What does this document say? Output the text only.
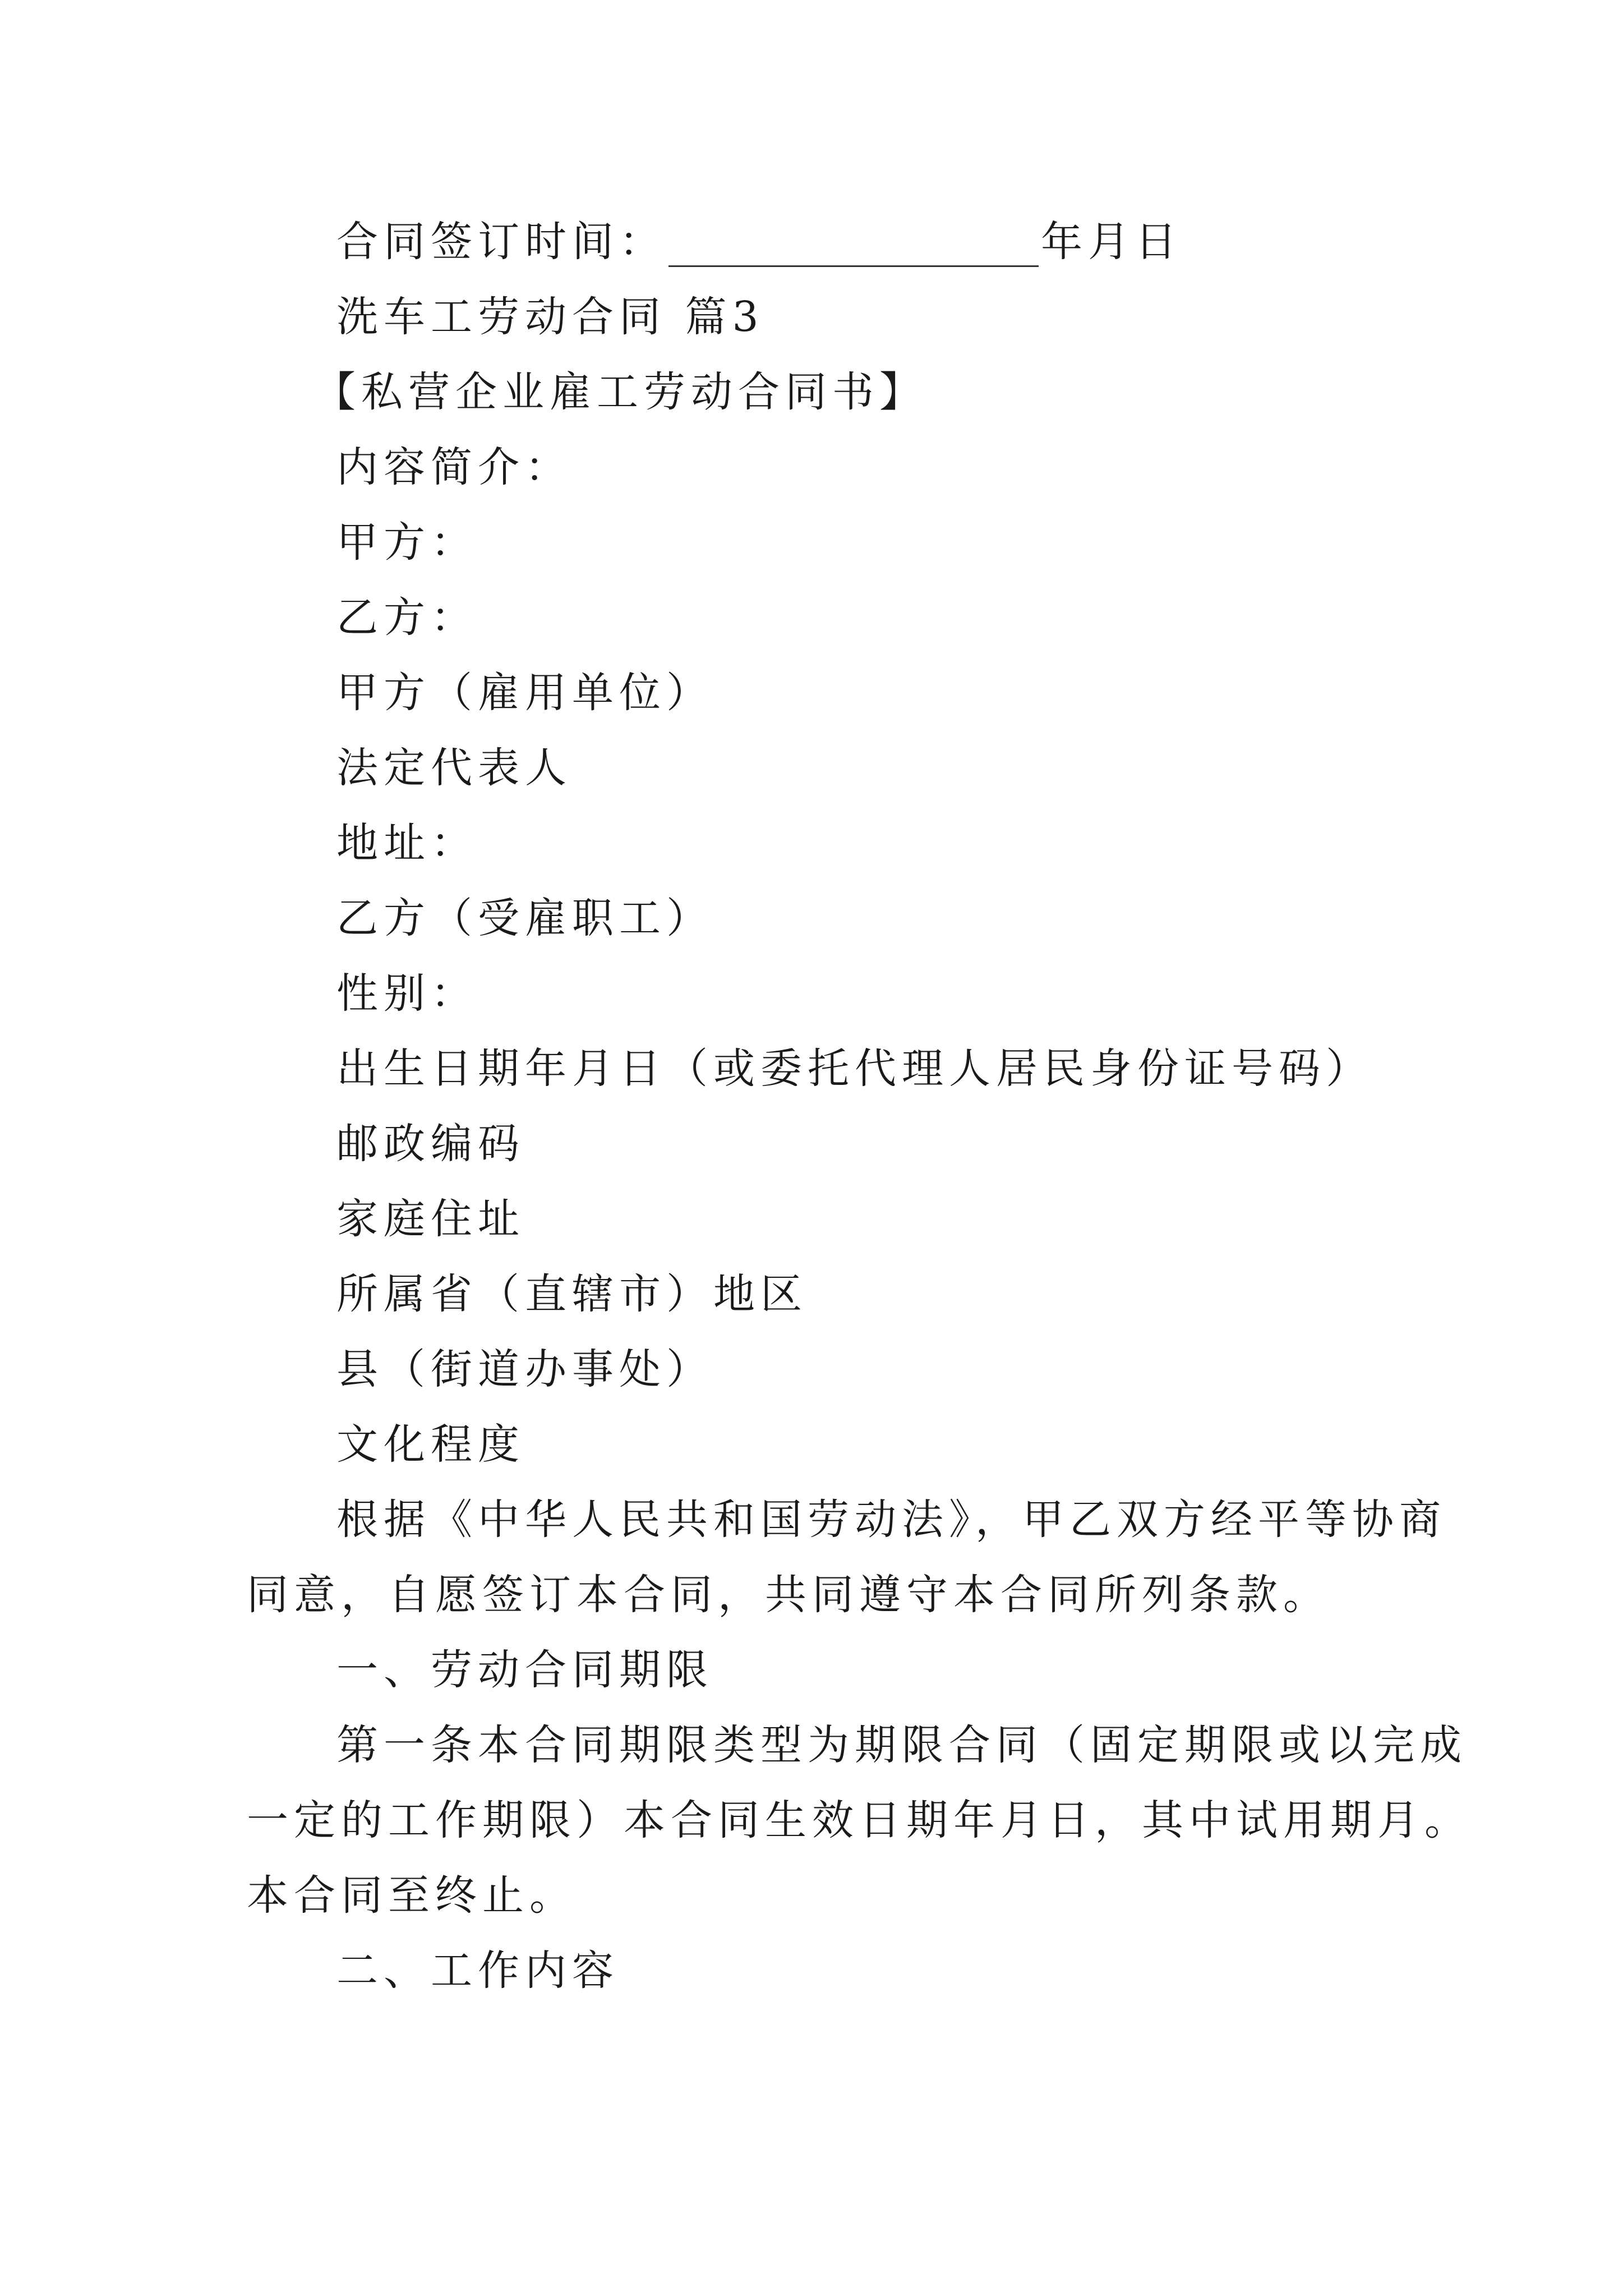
合同签订时间：	年月日
洗车工劳动合同 篇3
【私营企业雇工劳动合同书】
内容简介：
甲方：
乙方：
甲方（雇用单位）
法定代表人
地址：
乙方（受雇职工）
性别：
出生日期年月日（或委托代理人居民身份证号码）
邮政编码
家庭住址
所属省（直辖市）地区
县（街道办事处）
文化程度
根据《中华人民共和国劳动法》，甲乙双方经平等协商
同意，自愿签订本合同，共同遵守本合同所列条款。
一、劳动合同期限
第一条本合同期限类型为期限合同（固定期限或以完成
一定的工作期限）本合同生效日期年月日，其中试用期月。
本合同至终止。
二、工作内容
